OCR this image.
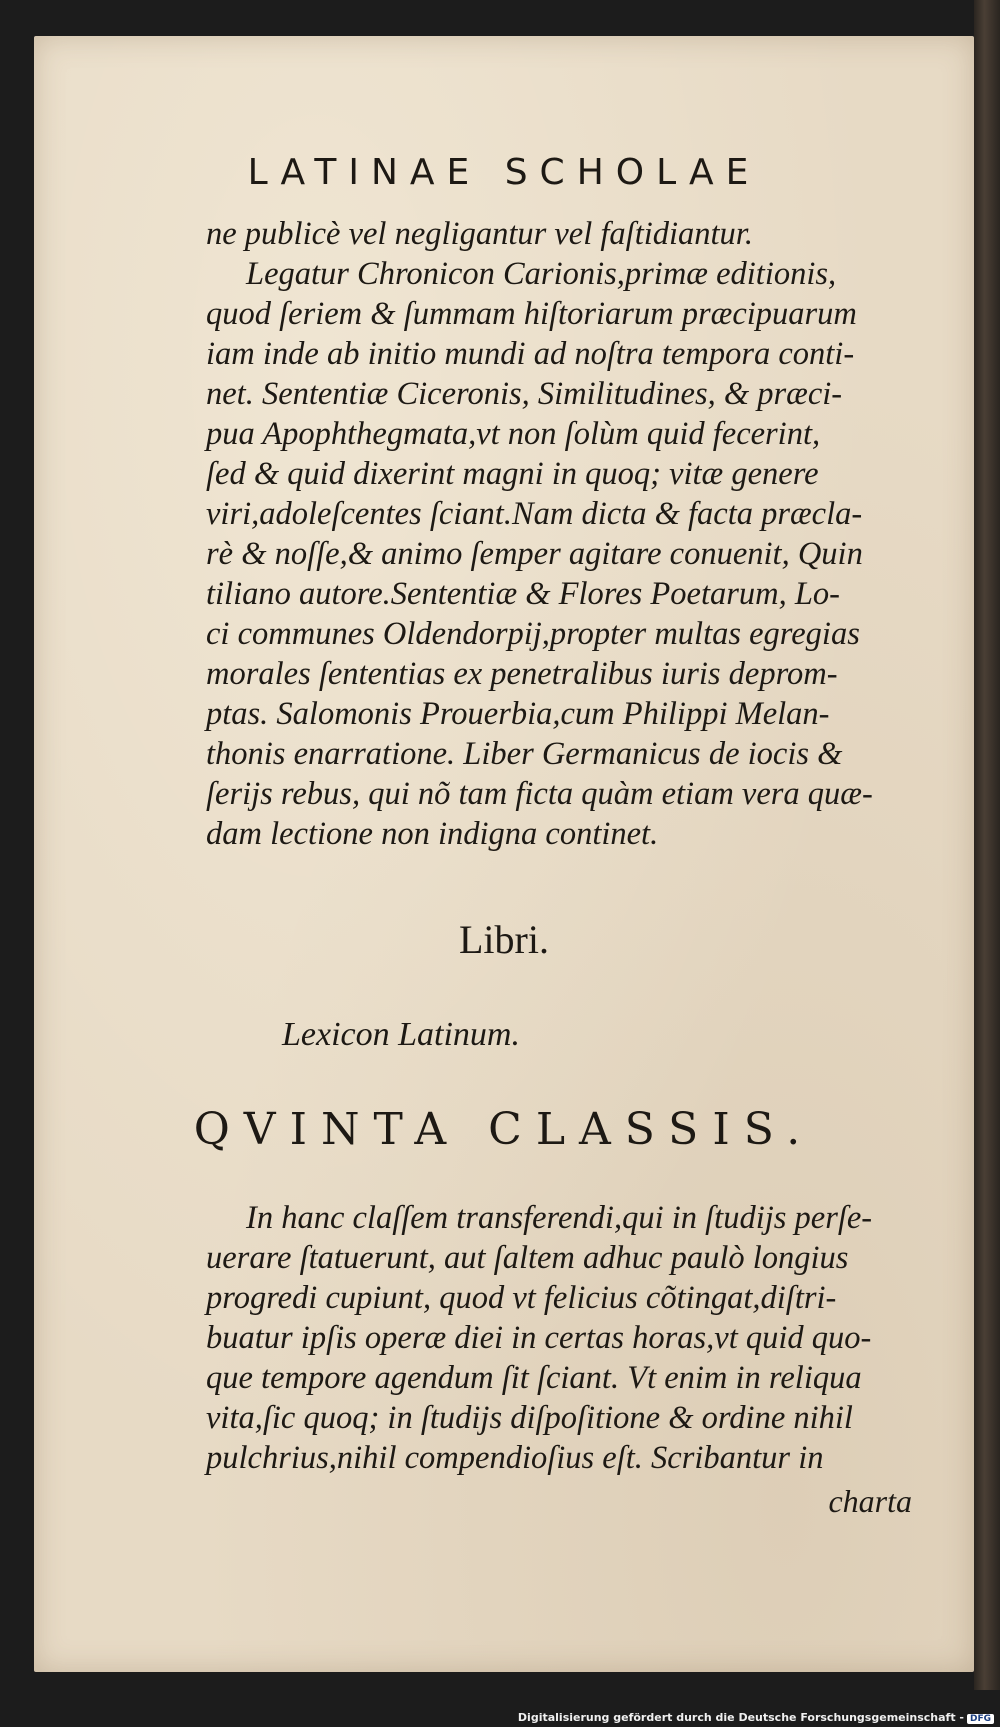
LATINAE SCHOLAE
ne publicè vel negligantur vel faſtidiantur.
Legatur Chronicon Carionis,primæ editionis,
quod ſeriem & ſummam hiſtoriarum præcipuarum
iam inde ab initio mundi ad noſtra tempora conti-
net. Sententiæ Ciceronis, Similitudines, & præci-
pua Apophthegmata,vt non ſolùm quid fecerint,
ſed & quid dixerint magni in quoq; vitæ genere
viri,adoleſcentes ſciant.Nam dicta & facta præcla-
rè & noſſe,& animo ſemper agitare conuenit, Quin
tiliano autore.Sententiæ & Flores Poetarum, Lo-
ci communes Oldendorpij,propter multas egregias
morales ſententias ex penetralibus iuris deprom-
ptas. Salomonis Prouerbia,cum Philippi Melan-
thonis enarratione. Liber Germanicus de iocis &
ſerijs rebus, qui nõ tam ficta quàm etiam vera quæ-
dam lectione non indigna continet.
Libri.
Lexicon Latinum.
QVINTA CLASSIS.
In hanc claſſem transferendi,qui in ſtudijs perſe-
uerare ſtatuerunt, aut ſaltem adhuc paulò longius
progredi cupiunt, quod vt felicius cõtingat,diſtri-
buatur ipſis operæ diei in certas horas,vt quid quo-
que tempore agendum ſit ſciant. Vt enim in reliqua
vita,ſic quoq; in ſtudijs diſpoſitione & ordine nihil
pulchrius,nihil compendioſius eſt. Scribantur in
charta
Digitalisierung gefördert durch die Deutsche Forschungsgemeinschaft - DFG
